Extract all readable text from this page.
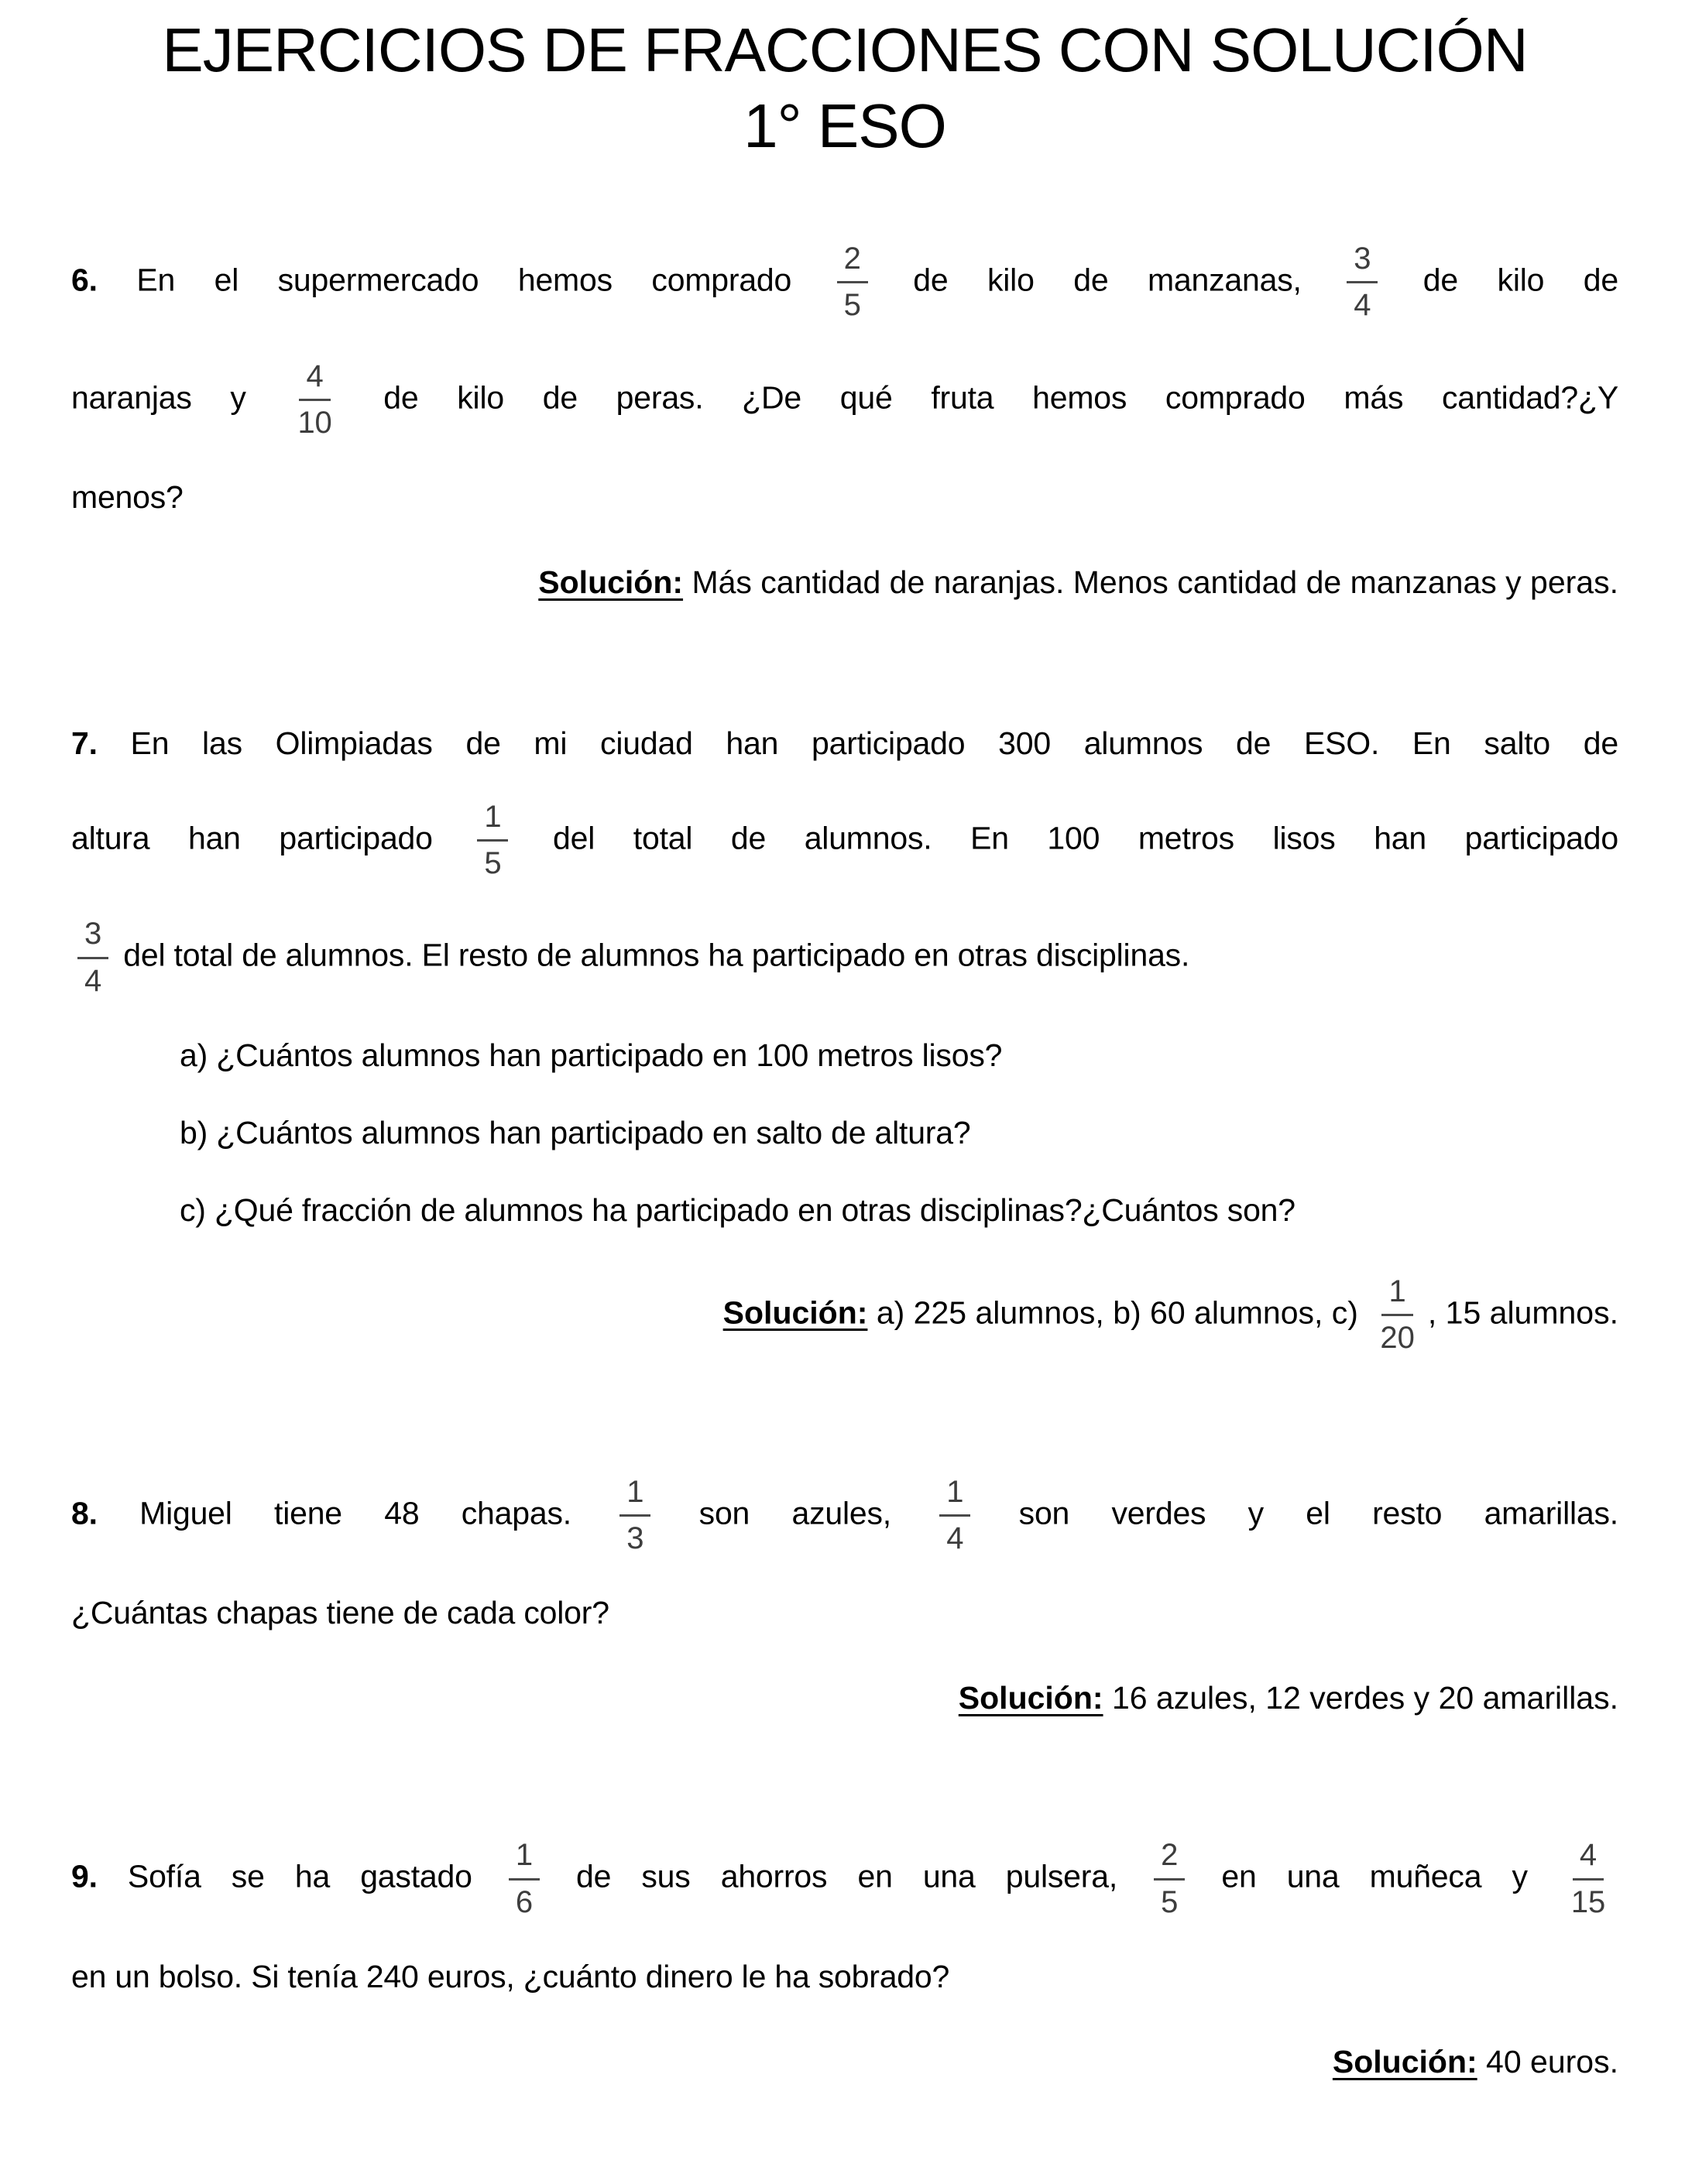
EJERCICIOS DE FRACCIONES CON SOLUCIÓN
1° ESO
6. En el supermercado hemos comprado $\frac{2}{5}$ de kilo de manzanas, $\frac{3}{4}$ de kilo de
naranjas y $\frac{4}{10}$ de kilo de peras. ¿De qué fruta hemos comprado más cantidad?¿Y
menos?
Solución: Más cantidad de naranjas. Menos cantidad de manzanas y peras.
7. En las Olimpiadas de mi ciudad han participado 300 alumnos de ESO. En salto de
altura han participado $\frac{1}{5}$ del total de alumnos. En 100 metros lisos han participado
$\frac{3}{4}$ del total de alumnos. El resto de alumnos ha participado en otras disciplinas.
a) ¿Cuántos alumnos han participado en 100 metros lisos?
b) ¿Cuántos alumnos han participado en salto de altura?
c) ¿Qué fracción de alumnos ha participado en otras disciplinas?¿Cuántos son?
Solución: a) 225 alumnos, b) 60 alumnos, $c) \frac{1}{20}$ , 15 alumnos.
8. Miguel tiene 48 chapas. $\frac{1}{3}$ son azules, $\frac{1}{4}$ son verdes y el resto amarillas.
¿Cuántas chapas tiene de cada color?
Solución: 16 azules, 12 verdes y 20 amarillas.
9. Sofía se ha gastado $\frac{1}{6}$ de sus ahorros en una pulsera, $\frac{2}{5}$ en una muñeca y $\frac{4}{15}$
en un bolso. Si tenía 240 euros, ¿cuánto dinero le ha sobrado?
Solución: 40 euros.
